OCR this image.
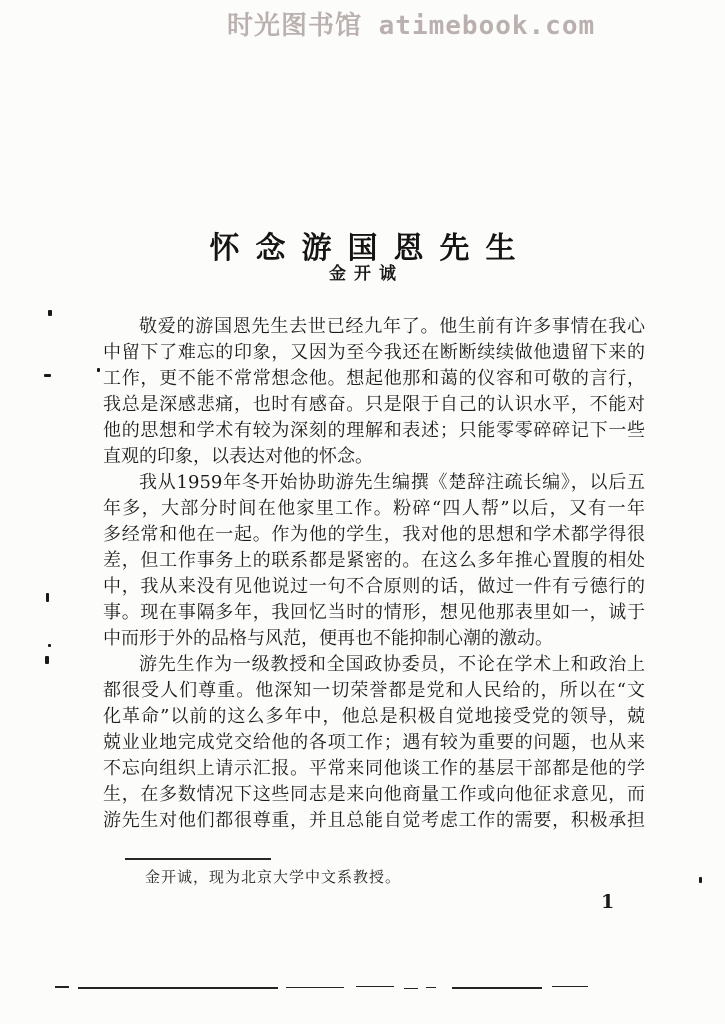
时光图书馆 atimebook.com
怀念游国恩先生
金开诚
敬爱的游国恩先生去世已经九年了。他生前有许多事情在我心
中留下了难忘的印象，又因为至今我还在断断续续做他遗留下来的
工作，更不能不常常想念他。想起他那和蔼的仪容和可敬的言行，
我总是深感悲痛，也时有感奋。只是限于自己的认识水平，不能对
他的思想和学术有较为深刻的理解和表述；只能零零碎碎记下一些
直观的印象，以表达对他的怀念。
我从1959年冬开始协助游先生编撰《楚辞注疏长编》，以后五
年多，大部分时间在他家里工作。粉碎“四人帮”以后，又有一年
多经常和他在一起。作为他的学生，我对他的思想和学术都学得很
差，但工作事务上的联系都是紧密的。在这么多年推心置腹的相处
中，我从来没有见他说过一句不合原则的话，做过一件有亏德行的
事。现在事隔多年，我回忆当时的情形，想见他那表里如一，诚于
中而形于外的品格与风范，便再也不能抑制心潮的激动。
游先生作为一级教授和全国政协委员，不论在学术上和政治上
都很受人们尊重。他深知一切荣誉都是党和人民给的，所以在“文
化革命”以前的这么多年中，他总是积极自觉地接受党的领导，兢
兢业业地完成党交给他的各项工作；遇有较为重要的问题，也从来
不忘向组织上请示汇报。平常来同他谈工作的基层干部都是他的学
生，在多数情况下这些同志是来向他商量工作或向他征求意见，而
游先生对他们都很尊重，并且总能自觉考虑工作的需要，积极承担
金开诚，现为北京大学中文系教授。
1
